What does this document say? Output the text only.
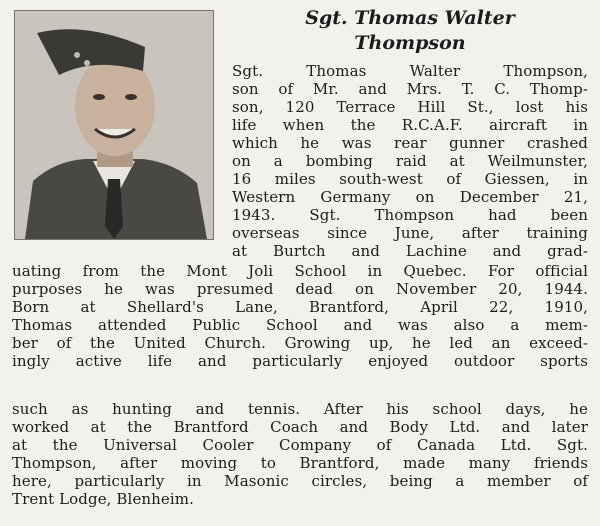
Sgt. Thomas Walter
Thompson
Sgt. Thomas Walter Thompson,
son of Mr. and Mrs. T. C. Thomp-
son, 120 Terrace Hill St., lost his
life when the R.C.A.F. aircraft in
which he was rear gunner crashed
on a bombing raid at Weilmunster,
16 miles south-west of Giessen, in
Western Germany on December 21,
1943. Sgt. Thompson had been
overseas since June, after training
at Burtch and Lachine and grad-
uating from the Mont Joli School in Quebec. For official
purposes he was presumed dead on November 20, 1944.
Born at Shellard's Lane, Brantford, April 22, 1910,
Thomas attended Public School and was also a mem-
ber of the United Church. Growing up, he led an exceed-
ingly active life and particularly enjoyed outdoor sports
such as hunting and tennis. After his school days, he
worked at the Brantford Coach and Body Ltd. and later
at the Universal Cooler Company of Canada Ltd. Sgt.
Thompson, after moving to Brantford, made many friends
here, particularly in Masonic circles, being a member of
Trent Lodge, Blenheim.
